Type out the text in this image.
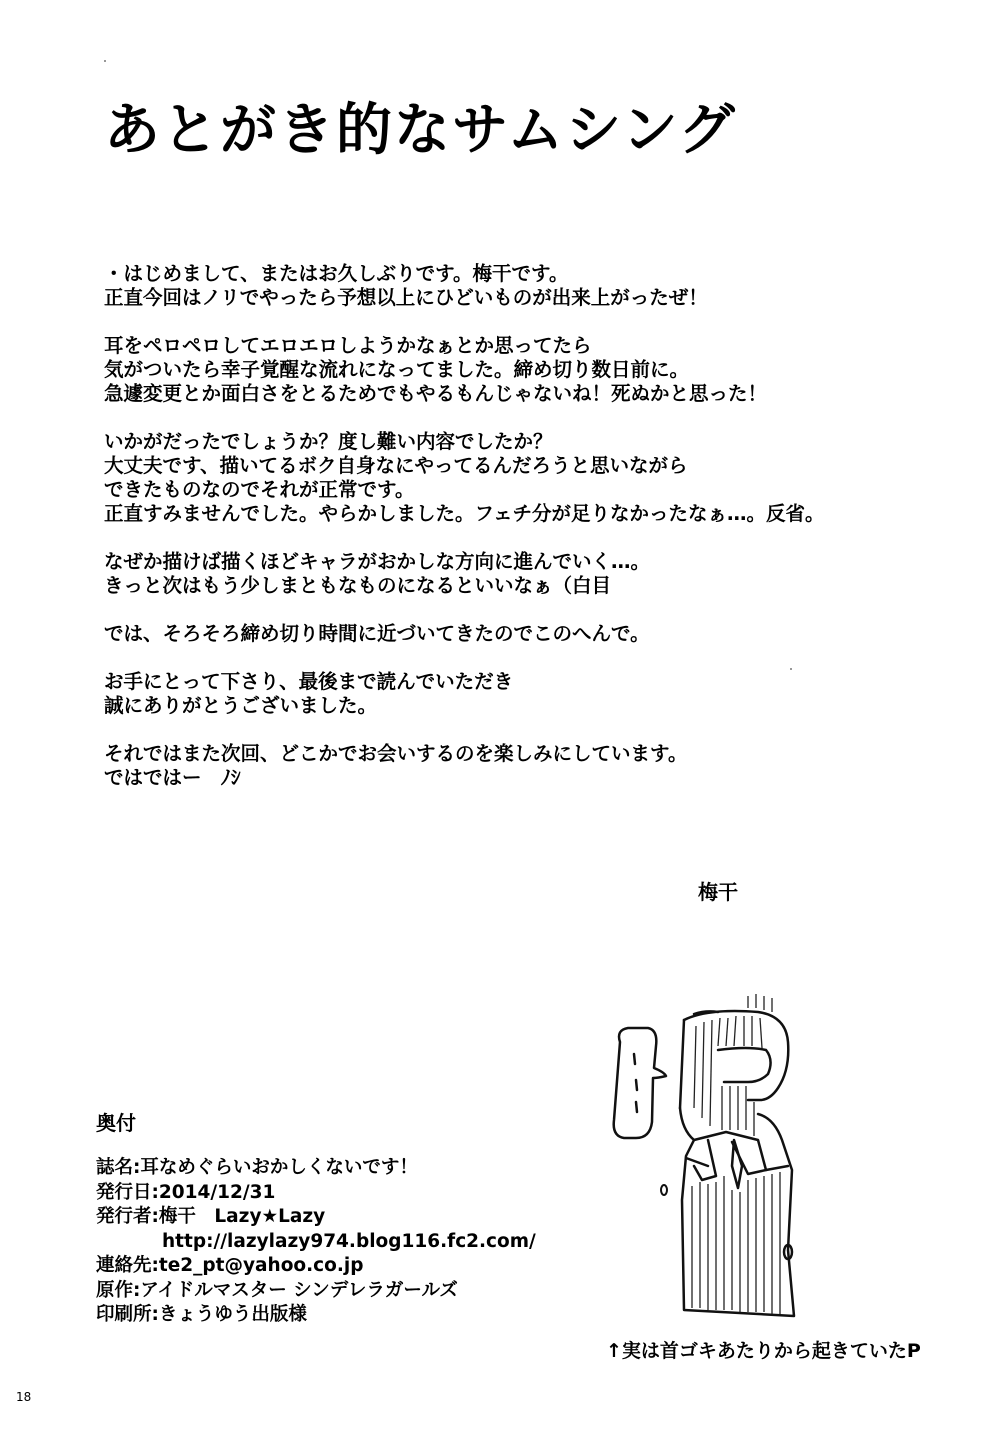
あとがき的なサムシング
・はじめまして、またはお久しぶりです。梅干です。
正直今回はノリでやったら予想以上にひどいものが出来上がったぜ！
耳をペロペロしてエロエロしようかなぁとか思ってたら
気がついたら幸子覚醒な流れになってました。締め切り数日前に。
急遽変更とか面白さをとるためでもやるもんじゃないね！死ぬかと思った！
いかがだったでしょうか？度し難い内容でしたか？
大丈夫です、描いてるボク自身なにやってるんだろうと思いながら
できたものなのでそれが正常です。
正直すみませんでした。やらかしました。フェチ分が足りなかったなぁ…。反省。
なぜか描けば描くほどキャラがおかしな方向に進んでいく…。
きっと次はもう少しまともなものになるといいなぁ（白目
では、そろそろ締め切り時間に近づいてきたのでこのへんで。
お手にとって下さり、最後まで読んでいただき
誠にありがとうございました。
それではまた次回、どこかでお会いするのを楽しみにしています。
ではではー　ﾉｼ
梅干
奥付
誌名:耳なめぐらいおかしくないです！
発行日:2014/12/31
発行者:梅干　Lazy★Lazy
http://lazylazy974.blog116.fc2.com/
連絡先:te2_pt@yahoo.co.jp
原作:アイドルマスター シンデレラガールズ
印刷所:きょうゆう出版様
↑実は首ゴキあたりから起きていたP
18
